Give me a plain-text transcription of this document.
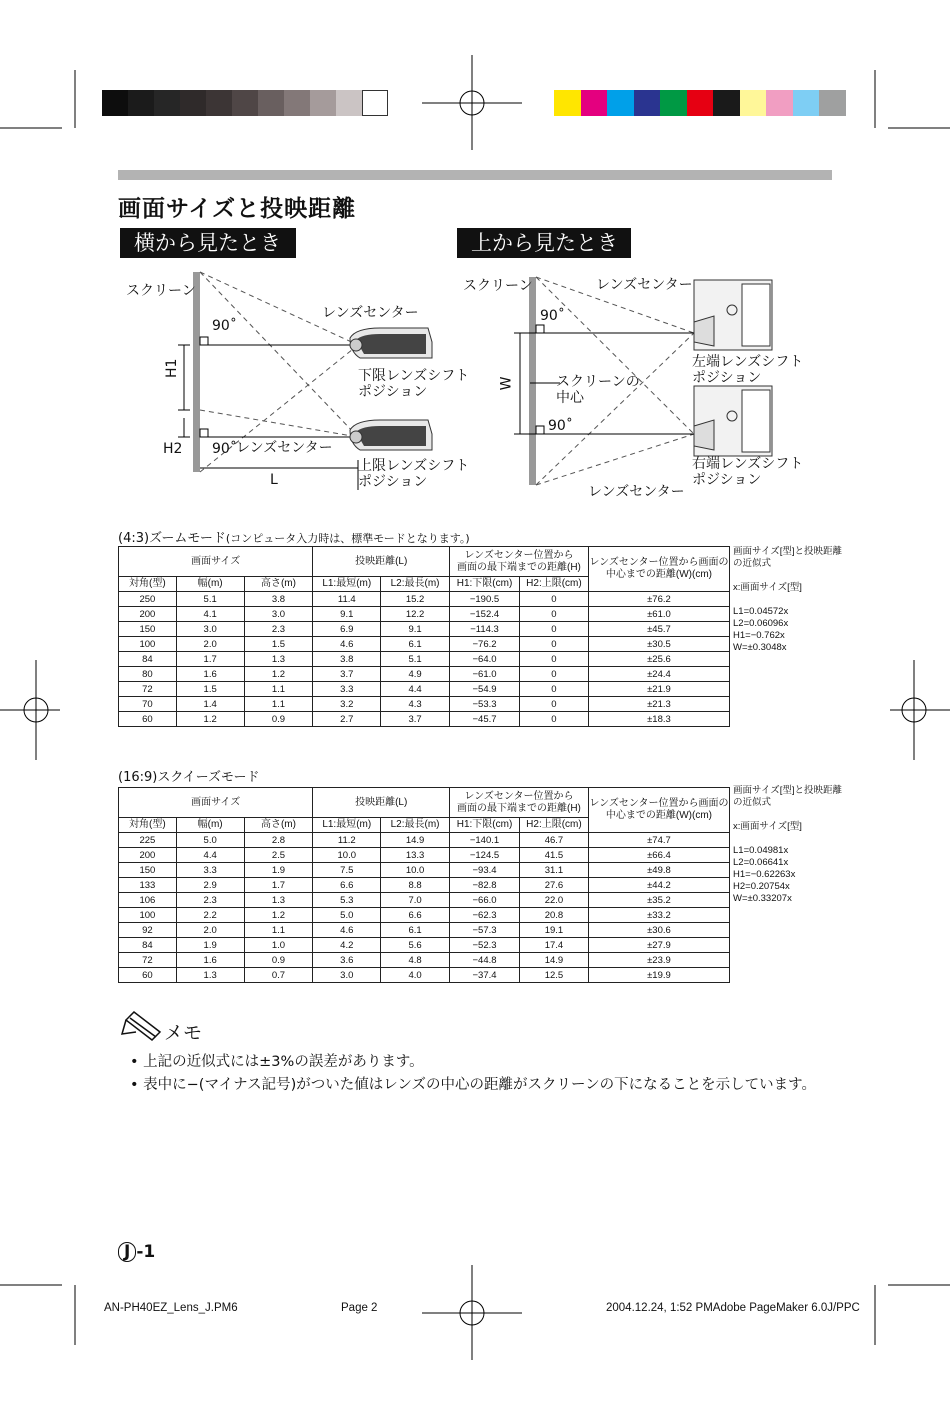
画面サイズと投映距離
横から見たとき	上から見たとき
スクリーン
90˚
レンズセンター
下限レンズシフト
ポジション
H1
H2 90˚ レンズセンター
上限レンズシフト
ポジション
L
スクリーン	レンズセンター
90˚
左端レンズシフト
ポジション
W	スクリーンの
中心
90˚
右端レンズシフト
ポジション
レンズセンター
(4:3)ズームモード(コンピュータ入力時は、標準モードとなります。)
画面サイズ			投映距離(L)		レンズセンター位置から
画面の最下端までの距離(H)		レンズセンター位置から画面の
中心までの距離(W)(cm)
対角(型)	幅(m)	高さ(m)	L1:最短(m)	L2:最長(m)	H1:下限(cm)	H2:上限(cm)	
250	5.1	3.8	11.4	15.2	−190.5	0	±76.2
200	4.1	3.0	9.1	12.2	−152.4	0	±61.0
150	3.0	2.3	6.9	9.1	−114.3	0	±45.7
100	2.0	1.5	4.6	6.1	−76.2	0	±30.5
84	1.7	1.3	3.8	5.1	−64.0	0	±25.6
80	1.6	1.2	3.7	4.9	−61.0	0	±24.4
72	1.5	1.1	3.3	4.4	−54.9	0	±21.9
70	1.4	1.1	3.2	4.3	−53.3	0	±21.3
60	1.2	0.9	2.7	3.7	−45.7	0	±18.3
画面サイズ[型]と投映距離
の近似式

x:画面サイズ[型]

L1=0.04572x
L2=0.06096x
H1=−0.762x
W=±0.3048x
(16:9)スクイーズモード
画面サイズ			投映距離(L)		レンズセンター位置から
画面の最下端までの距離(H)		レンズセンター位置から画面の
中心までの距離(W)(cm)
対角(型)	幅(m)	高さ(m)	L1:最短(m)	L2:最長(m)	H1:下限(cm)	H2:上限(cm)	
225	5.0	2.8	11.2	14.9	−140.1	46.7	±74.7
200	4.4	2.5	10.0	13.3	−124.5	41.5	±66.4
150	3.3	1.9	7.5	10.0	−93.4	31.1	±49.8
133	2.9	1.7	6.6	8.8	−82.8	27.6	±44.2
106	2.3	1.3	5.3	7.0	−66.0	22.0	±35.2
100	2.2	1.2	5.0	6.6	−62.3	20.8	±33.2
92	2.0	1.1	4.6	6.1	−57.3	19.1	±30.6
84	1.9	1.0	4.2	5.6	−52.3	17.4	±27.9
72	1.6	0.9	3.6	4.8	−44.8	14.9	±23.9
60	1.3	0.7	3.0	4.0	−37.4	12.5	±19.9
画面サイズ[型]と投映距離
の近似式

x:画面サイズ[型]

L1=0.04981x
L2=0.06641x
H1=−0.62263x
H2=0.20754x
W=±0.33207x
メモ
• 上記の近似式には±3%の誤差があります。
• 表中に−(マイナス記号)がついた値はレンズの中心の距離がスクリーンの下になることを示しています。
J -1
AN-PH40EZ_Lens_J.PM6	Page 2	2004.12.24, 1:52 PMAdobe PageMaker 6.0J/PPC
